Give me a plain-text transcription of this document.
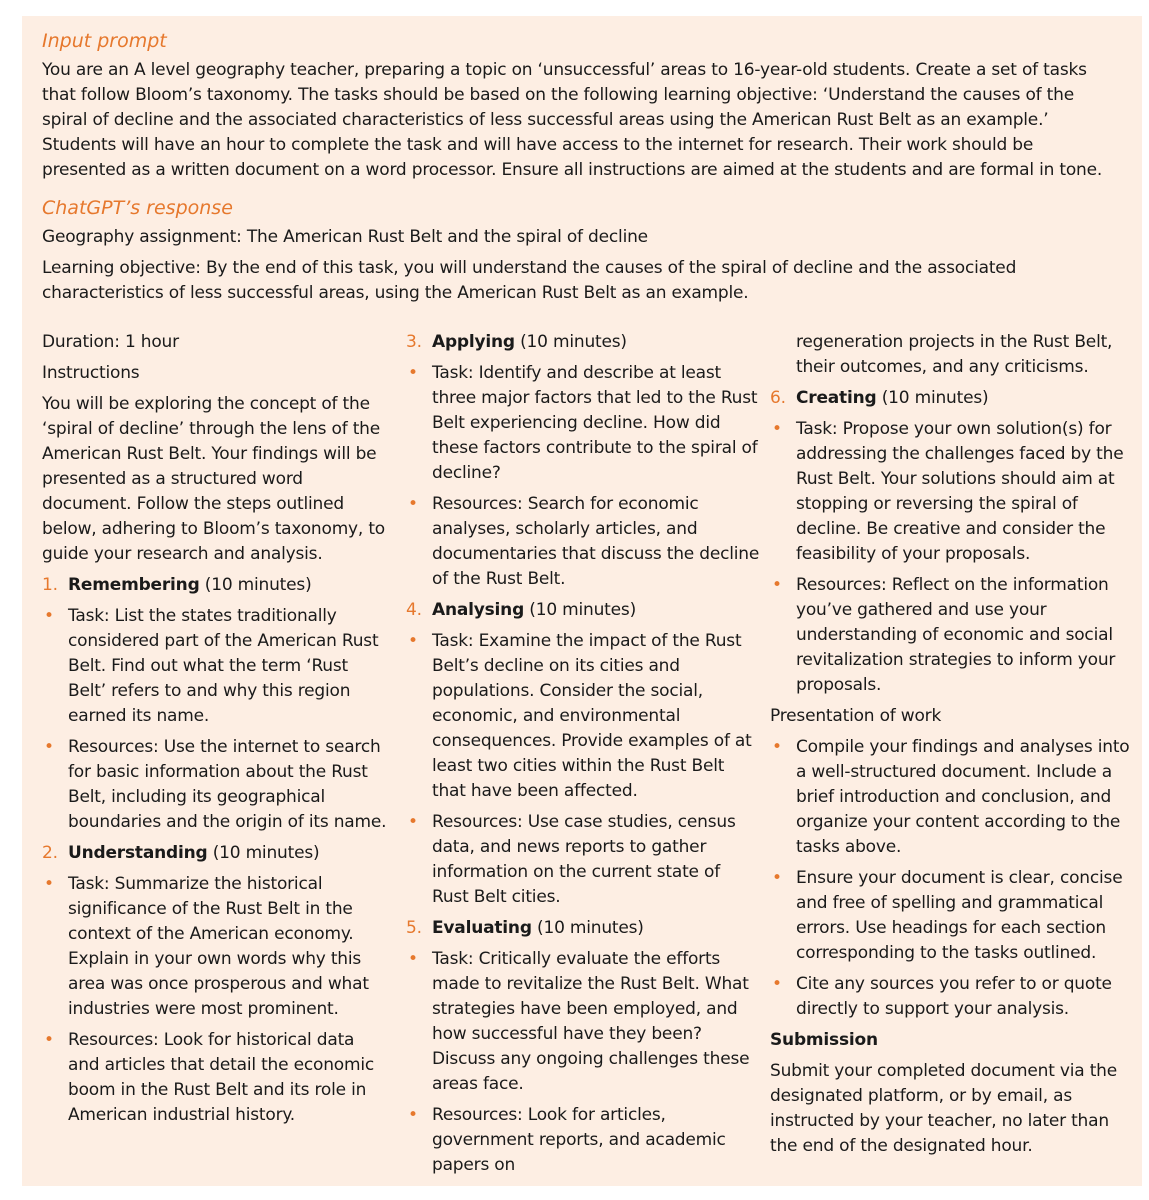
Input prompt

You are an A level geography teacher, preparing a topic on ‘unsuccessful’ areas to 16-year-old students. Create a set of tasks that follow Bloom’s taxonomy. The tasks should be based on the following learning objective: ‘Understand the causes of the spiral of decline and the associated characteristics of less successful areas using the American Rust Belt as an example.’ Students will have an hour to complete the task and will have access to the internet for research. Their work should be presented as a written document on a word processor. Ensure all instructions are aimed at the students and are formal in tone.

ChatGPT’s response

Geography assignment: The American Rust Belt and the spiral of decline

Learning objective: By the end of this task, you will understand the causes of the spiral of decline and the associated characteristics of less successful areas, using the American Rust Belt as an example.

Duration: 1 hour
Instructions
You will be exploring the concept of the ‘spiral of decline’ through the lens of the American Rust Belt. Your findings will be presented as a structured word document. Follow the steps outlined below, adhering to Bloom’s taxonomy, to guide your research and analysis.
1. Remembering (10 minutes)
• Task: List the states traditionally considered part of the American Rust Belt. Find out what the term ‘Rust Belt’ refers to and why this region earned its name.
• Resources: Use the internet to search for basic information about the Rust Belt, including its geographical boundaries and the origin of its name.
2. Understanding (10 minutes)
• Task: Summarize the historical significance of the Rust Belt in the context of the American economy. Explain in your own words why this area was once prosperous and what industries were most prominent.
• Resources: Look for historical data and articles that detail the economic boom in the Rust Belt and its role in American industrial history.
3. Applying (10 minutes)
• Task: Identify and describe at least three major factors that led to the Rust Belt experiencing decline. How did these factors contribute to the spiral of decline?
• Resources: Search for economic analyses, scholarly articles, and documentaries that discuss the decline of the Rust Belt.
4. Analysing (10 minutes)
• Task: Examine the impact of the Rust Belt’s decline on its cities and populations. Consider the social, economic, and environmental consequences. Provide examples of at least two cities within the Rust Belt that have been affected.
• Resources: Use case studies, census data, and news reports to gather information on the current state of Rust Belt cities.
5. Evaluating (10 minutes)
• Task: Critically evaluate the efforts made to revitalize the Rust Belt. What strategies have been employed, and how successful have they been? Discuss any ongoing challenges these areas face.
• Resources: Look for articles, government reports, and academic papers on
regeneration projects in the Rust Belt, their outcomes, and any criticisms.
6. Creating (10 minutes)
• Task: Propose your own solution(s) for addressing the challenges faced by the Rust Belt. Your solutions should aim at stopping or reversing the spiral of decline. Be creative and consider the feasibility of your proposals.
• Resources: Reflect on the information you’ve gathered and use your understanding of economic and social revitalization strategies to inform your proposals.
Presentation of work
• Compile your findings and analyses into a well-structured document. Include a brief introduction and conclusion, and organize your content according to the tasks above.
• Ensure your document is clear, concise and free of spelling and grammatical errors. Use headings for each section corresponding to the tasks outlined.
• Cite any sources you refer to or quote directly to support your analysis.
Submission
Submit your completed document via the designated platform, or by email, as instructed by your teacher, no later than the end of the designated hour.
